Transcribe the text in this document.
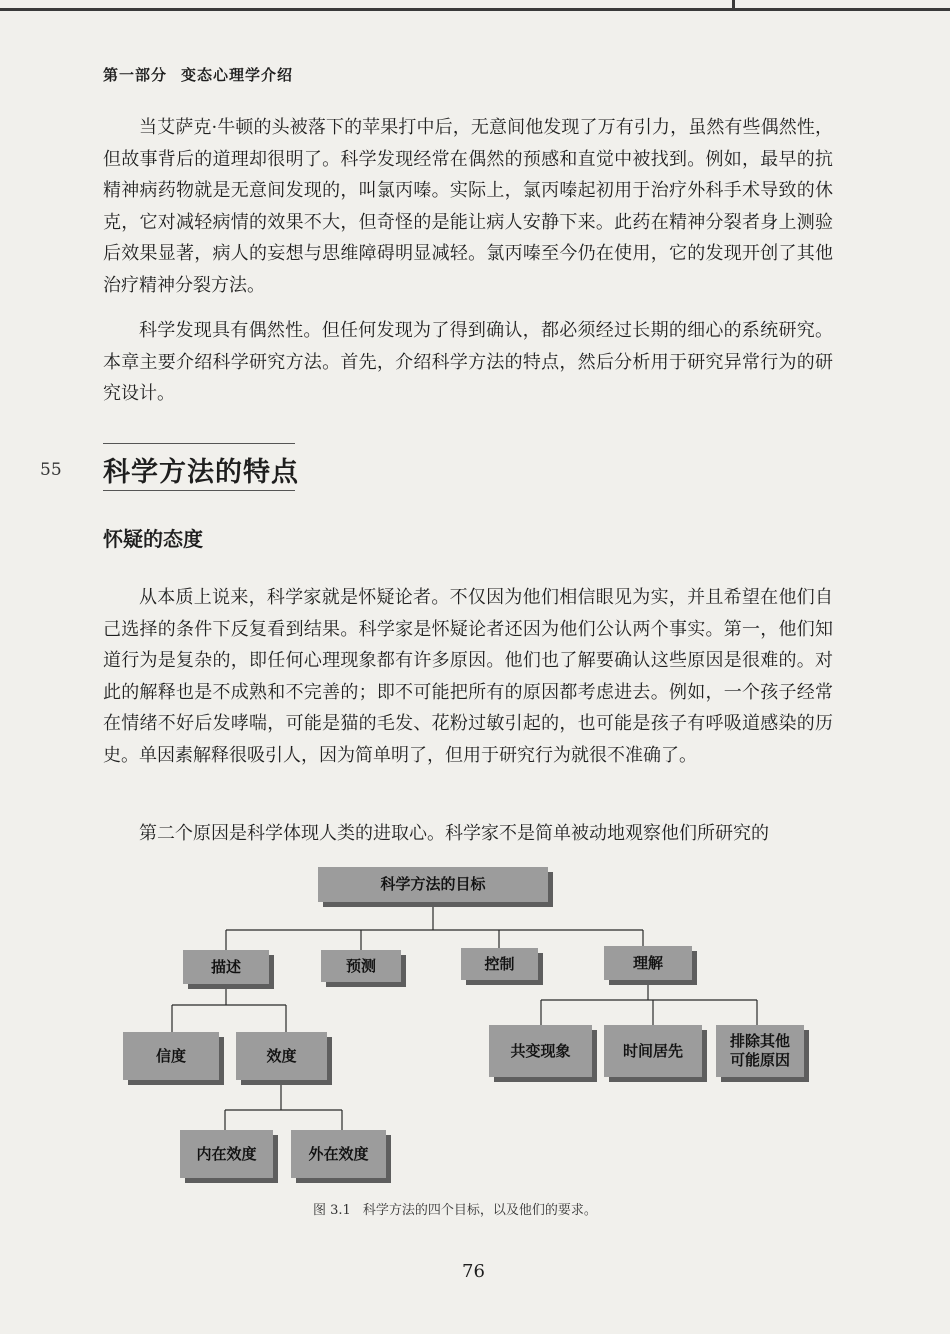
第一部分 变态心理学介绍

当艾萨克·牛顿的头被落下的苹果打中后，无意间他发现了万有引力，虽然有些偶然性，但故事背后的道理却很明了。科学发现经常在偶然的预感和直觉中被找到。例如，最早的抗精神病药物就是无意间发现的，叫氯丙嗪。实际上，氯丙嗪起初用于治疗外科手术导致的休克，它对减轻病情的效果不大，但奇怪的是能让病人安静下来。此药在精神分裂者身上测验后效果显著，病人的妄想与思维障碍明显减轻。氯丙嗪至今仍在使用，它的发现开创了其他治疗精神分裂方法。

科学发现具有偶然性。但任何发现为了得到确认，都必须经过长期的细心的系统研究。本章主要介绍科学研究方法。首先，介绍科学方法的特点，然后分析用于研究异常行为的研究设计。

55 科学方法的特点
怀疑的态度

从本质上说来，科学家就是怀疑论者。不仅因为他们相信眼见为实，并且希望在他们自己选择的条件下反复看到结果。科学家是怀疑论者还因为他们公认两个事实。第一，他们知道行为是复杂的，即任何心理现象都有许多原因。他们也了解要确认这些原因是很难的。对此的解释也是不成熟和不完善的；即不可能把所有的原因都考虑进去。例如，一个孩子经常在情绪不好后发哮喘，可能是猫的毛发、花粉过敏引起的，也可能是孩子有呼吸道感染的历史。单因素解释很吸引人，因为简单明了，但用于研究行为就很不准确了。

第二个原因是科学体现人类的进取心。科学家不是简单被动地观察他们所研究的

科学方法的目标
描述	预测	控制	理解
信度	效度
内在效度	外在效度
共变现象	时间居先
排除其他可能原因
图 3.1 科学方法的四个目标，以及他们的要求。
76
